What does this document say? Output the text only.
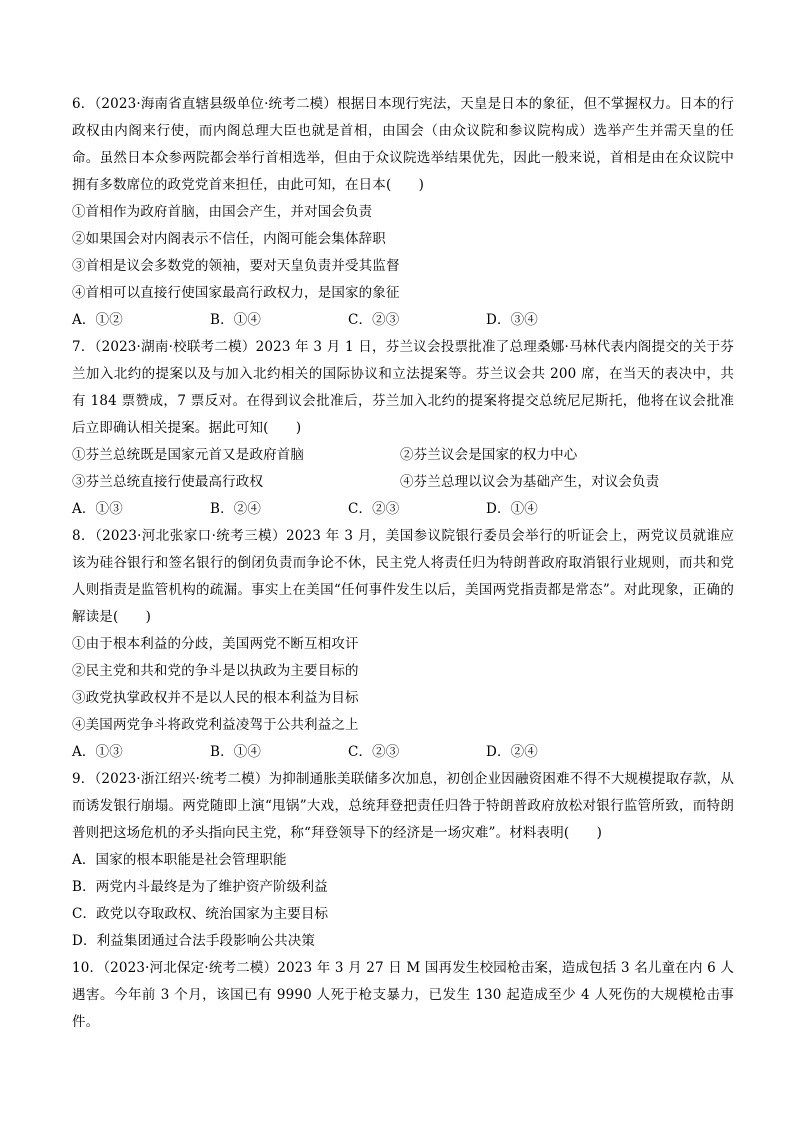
6．（2023·海南省直辖县级单位·统考二模）根据日本现行宪法，天皇是日本的象征，但不掌握权力。日本的行政权由内阁来行使，而内阁总理大臣也就是首相，由国会（由众议院和参议院构成）选举产生并需天皇的任命。虽然日本众参两院都会举行首相选举，但由于众议院选举结果优先，因此一般来说，首相是由在众议院中拥有多数席位的政党党首来担任，由此可知，在日本(　　)

①首相作为政府首脑，由国会产生，并对国会负责

②如果国会对内阁表示不信任，内阁可能会集体辞职

③首相是议会多数党的领袖，要对天皇负责并受其监督

④首相可以直接行使国家最高行政权力，是国家的象征

A．①②	B．①④	C．②③	D．③④

7．（2023·湖南·校联考二模）2023 年 3 月 1 日，芬兰议会投票批准了总理桑娜·马林代表内阁提交的关于芬兰加入北约的提案以及与加入北约相关的国际协议和立法提案等。芬兰议会共 200 席，在当天的表决中，共有 184 票赞成，7 票反对。在得到议会批准后，芬兰加入北约的提案将提交总统尼尼斯托，他将在议会批准后立即确认相关提案。据此可知(　　)

①芬兰总统既是国家元首又是政府首脑	②芬兰议会是国家的权力中心
③芬兰总统直接行使最高行政权	④芬兰总理以议会为基础产生，对议会负责
A．①③	B．②④	C．②③	D．①④

8．（2023·河北张家口·统考三模）2023 年 3 月，美国参议院银行委员会举行的听证会上，两党议员就谁应该为硅谷银行和签名银行的倒闭负责而争论不休，民主党人将责任归为特朗普政府取消银行业规则，而共和党人则指责是监管机构的疏漏。事实上在美国“任何事件发生以后，美国两党指责都是常态”。对此现象，正确的解读是(　　)

①由于根本利益的分歧，美国两党不断互相攻讦

②民主党和共和党的争斗是以执政为主要目标的

③政党执掌政权并不是以人民的根本利益为目标

④美国两党争斗将政党利益凌驾于公共利益之上

A．①③	B．①④	C．②③	D．②④

9．（2023·浙江绍兴·统考二模）为抑制通胀美联储多次加息，初创企业因融资困难不得不大规模提取存款，从而诱发银行崩塌。两党随即上演“甩锅”大戏，总统拜登把责任归咎于特朗普政府放松对银行监管所致，而特朗普则把这场危机的矛头指向民主党，称“拜登领导下的经济是一场灾难”。材料表明(　　)

A．国家的根本职能是社会管理职能

B．两党内斗最终是为了维护资产阶级利益

C．政党以夺取政权、统治国家为主要目标

D．利益集团通过合法手段影响公共决策

10．（2023·河北保定·统考二模）2023 年 3 月 27 日 M 国再发生校园枪击案，造成包括 3 名儿童在内 6 人遇害。今年前 3 个月，该国已有 9990 人死于枪支暴力，已发生 130 起造成至少 4 人死伤的大规模枪击事件。
